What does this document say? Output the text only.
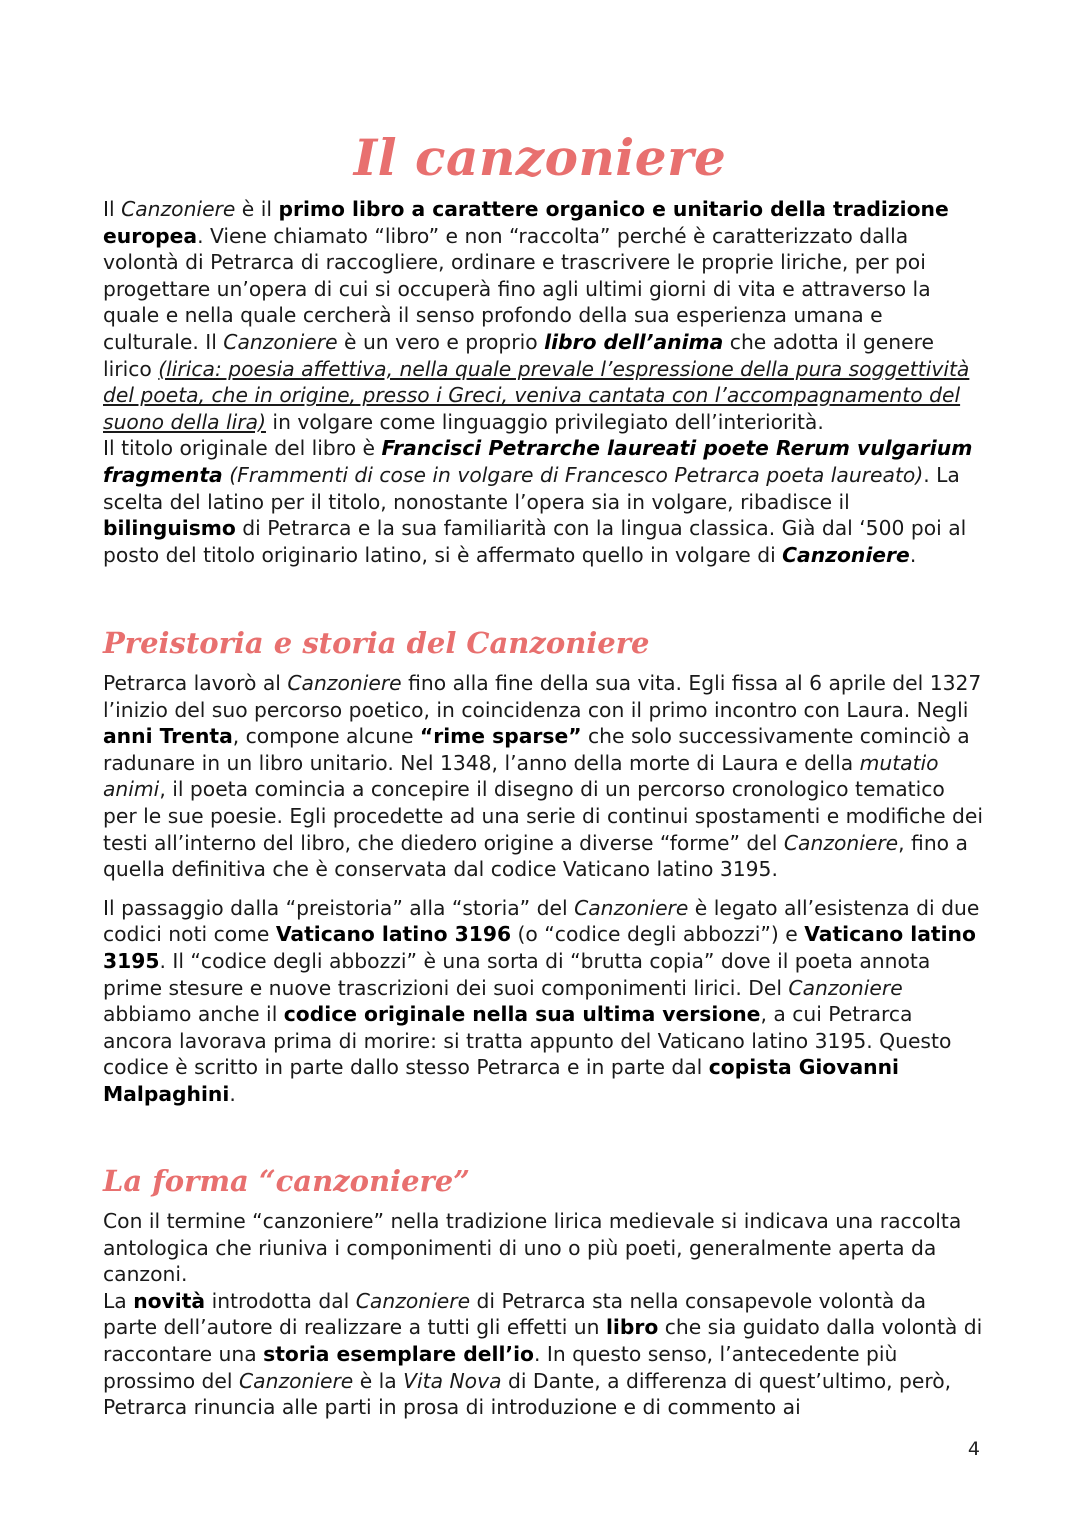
Il canzoniere

Il Canzoniere è il primo libro a carattere organico e unitario della tradizione europea. Viene chiamato “libro” e non “raccolta” perché è caratterizzato dalla volontà di Petrarca di raccogliere, ordinare e trascrivere le proprie liriche, per poi progettare un’opera di cui si occuperà fino agli ultimi giorni di vita e attraverso la quale e nella quale cercherà il senso profondo della sua esperienza umana e culturale. Il Canzoniere è un vero e proprio libro dell’anima che adotta il genere lirico (lirica: poesia affettiva, nella quale prevale l’espressione della pura soggettività del poeta, che in origine, presso i Greci, veniva cantata con l’accompagnamento del suono della lira) in volgare come linguaggio privilegiato dell’interiorità.

Il titolo originale del libro è Francisci Petrarche laureati poete Rerum vulgarium fragmenta (Frammenti di cose in volgare di Francesco Petrarca poeta laureato). La scelta del latino per il titolo, nonostante l’opera sia in volgare, ribadisce il bilinguismo di Petrarca e la sua familiarità con la lingua classica. Già dal ‘500 poi al posto del titolo originario latino, si è affermato quello in volgare di Canzoniere.

Preistoria e storia del Canzoniere

Petrarca lavorò al Canzoniere fino alla fine della sua vita. Egli fissa al 6 aprile del 1327 l’inizio del suo percorso poetico, in coincidenza con il primo incontro con Laura. Negli anni Trenta, compone alcune “rime sparse” che solo successivamente cominciò a radunare in un libro unitario. Nel 1348, l’anno della morte di Laura e della mutatio animi, il poeta comincia a concepire il disegno di un percorso cronologico tematico per le sue poesie. Egli procedette ad una serie di continui spostamenti e modifiche dei testi all’interno del libro, che diedero origine a diverse “forme” del Canzoniere, fino a quella definitiva che è conservata dal codice Vaticano latino 3195.

Il passaggio dalla “preistoria” alla “storia” del Canzoniere è legato all’esistenza di due codici noti come Vaticano latino 3196 (o “codice degli abbozzi”) e Vaticano latino 3195. Il “codice degli abbozzi” è una sorta di “brutta copia” dove il poeta annota prime stesure e nuove trascrizioni dei suoi componimenti lirici. Del Canzoniere abbiamo anche il codice originale nella sua ultima versione, a cui Petrarca ancora lavorava prima di morire: si tratta appunto del Vaticano latino 3195. Questo codice è scritto in parte dallo stesso Petrarca e in parte dal copista Giovanni Malpaghini.

La forma “canzoniere”

Con il termine “canzoniere” nella tradizione lirica medievale si indicava una raccolta antologica che riuniva i componimenti di uno o più poeti, generalmente aperta da canzoni.

La novità introdotta dal Canzoniere di Petrarca sta nella consapevole volontà da parte dell’autore di realizzare a tutti gli effetti un libro che sia guidato dalla volontà di raccontare una storia esemplare dell’io. In questo senso, l’antecedente più prossimo del Canzoniere è la Vita Nova di Dante, a differenza di quest’ultimo, però, Petrarca rinuncia alle parti in prosa di introduzione e di commento ai

4
